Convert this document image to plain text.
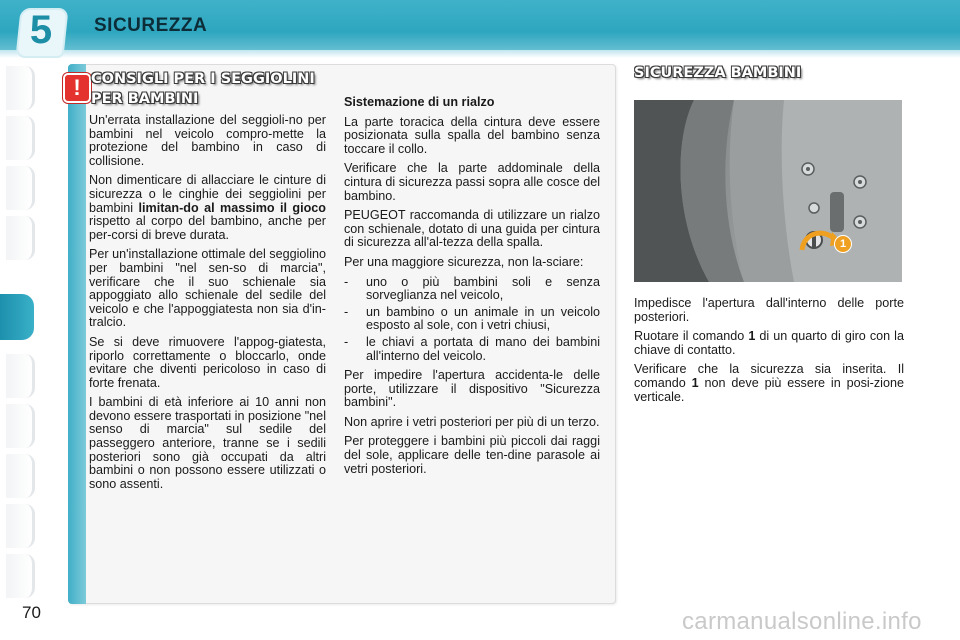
5	SICUREZZA
70
! CONSIGLI PER I SEGGIOLINI PER BAMBINI

Un'errata installazione del seggioli-no per bambini nel veicolo compro-mette la protezione del bambino in caso di collisione.

Non dimenticare di allacciare le cinture di sicurezza o le cinghie dei seggiolini per bambini limitan-do al massimo il gioco rispetto al corpo del bambino, anche per per-corsi di breve durata.

Per un'installazione ottimale del seggiolino per bambini "nel sen-so di marcia", verificare che il suo schienale sia appoggiato allo schienale del sedile del veicolo e che l'appoggiatesta non sia d'in-tralcio.

Se si deve rimuovere l'appog-giatesta, riporlo correttamente o bloccarlo, onde evitare che diventi pericoloso in caso di forte frenata.

I bambini di età inferiore ai 10 anni non devono essere trasportati in posizione "nel senso di marcia" sul sedile del passeggero anteriore, tranne se i sedili posteriori sono già occupati da altri bambini o non possono essere utilizzati o sono assenti.

Sistemazione di un rialzo

La parte toracica della cintura deve essere posizionata sulla spalla del bambino senza toccare il collo.

Verificare che la parte addominale della cintura di sicurezza passi sopra alle cosce del bambino.

PEUGEOT raccomanda di utilizzare un rialzo con schienale, dotato di una guida per cintura di sicurezza all'al-tezza della spalla.

Per una maggiore sicurezza, non la-sciare:

-	uno o più bambini soli e senza sorveglianza nel veicolo,
-	un bambino o un animale in un veicolo esposto al sole, con i vetri chiusi,
-	le chiavi a portata di mano dei bambini all'interno del veicolo.

Per impedire l'apertura accidenta-le delle porte, utilizzare il dispositivo "Sicurezza bambini".

Non aprire i vetri posteriori per più di un terzo.

Per proteggere i bambini più piccoli dai raggi del sole, applicare delle ten-dine parasole ai vetri posteriori.

SICUREZZA BAMBINI
1

Impedisce l'apertura dall'interno delle porte posteriori.

Ruotare il comando 1 di un quarto di giro con la chiave di contatto.

Verificare che la sicurezza sia inserita. Il comando 1 non deve più essere in posi-zione verticale.

carmanualsonline.info
